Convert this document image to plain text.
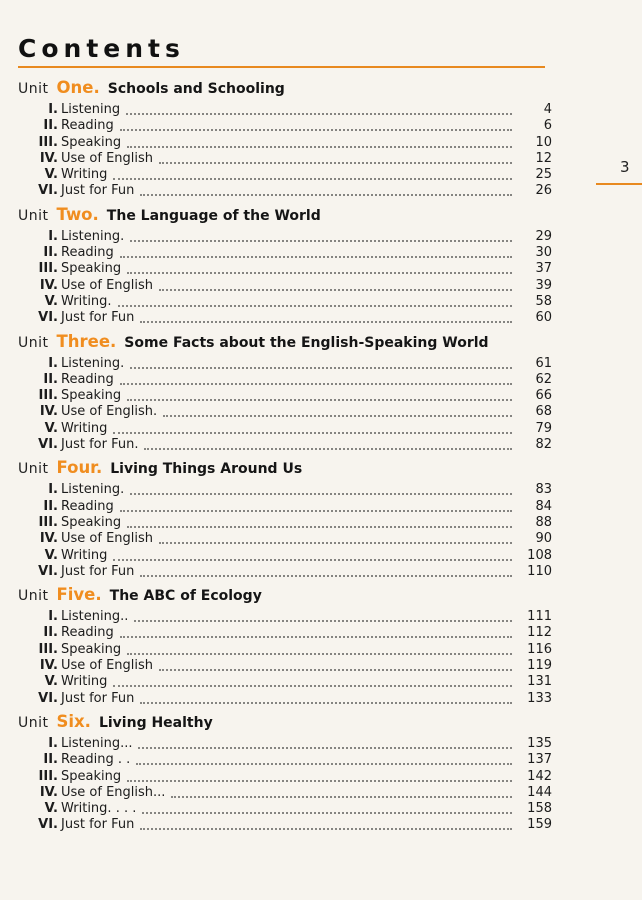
Contents
3
Unit One. Schools and Schooling
I. Listening	4
II. Reading	6
III. Speaking	10
IV. Use of English	12
V. Writing	25
VI. Just for Fun	26
Unit Two. The Language of the World
I. Listening.	29
II. Reading	30
III. Speaking	37
IV. Use of English	39
V. Writing.	58
VI. Just for Fun	60
Unit Three. Some Facts about the English-Speaking World
I. Listening.	61
II. Reading	62
III. Speaking	66
IV. Use of English.	68
V. Writing	79
VI. Just for Fun.	82
Unit Four. Living Things Around Us
I. Listening.	83
II. Reading	84
III. Speaking	88
IV. Use of English	90
V. Writing	108
VI. Just for Fun	110
Unit Five. The ABC of Ecology
I. Listening..	111
II. Reading	112
III. Speaking	116
IV. Use of English	119
V. Writing	131
VI. Just for Fun	133
Unit Six. Living Healthy
I. Listening...	135
II. Reading . .	137
III. Speaking	142
IV. Use of English...	144
V. Writing. . . .	158
VI. Just for Fun	159
